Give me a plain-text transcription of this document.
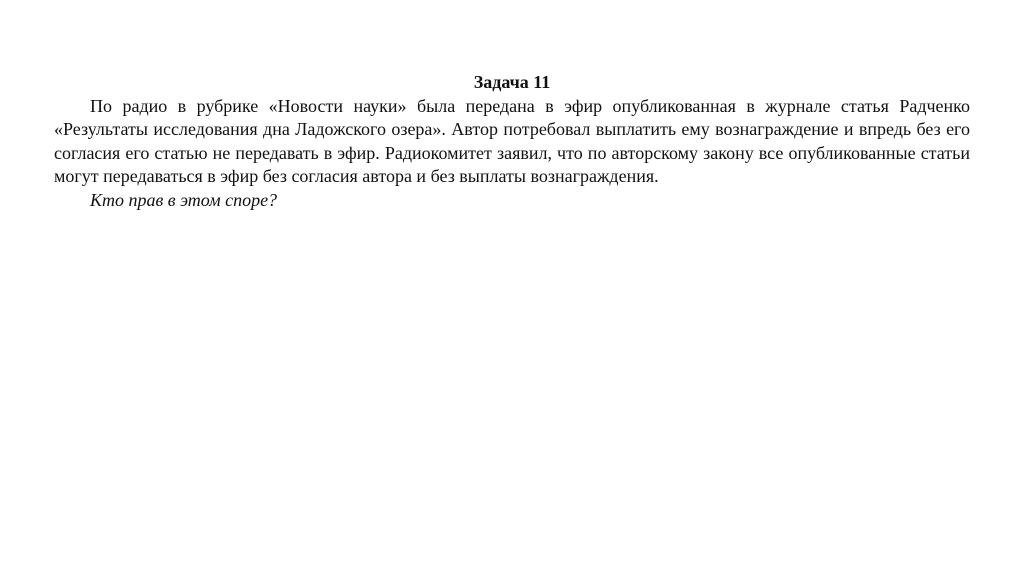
Задача 11

По радио в рубрике «Новости науки» была передана в эфир опубликованная в журнале статья Радченко «Результаты исследования дна Ладожского озера». Автор потребовал выплатить ему вознаграждение и впредь без его согласия его статью не передавать в эфир. Радиокомитет заявил, что по авторскому закону все опубликованные статьи могут передаваться в эфир без согласия автора и без выплаты вознаграждения.

Кто прав в этом споре?
